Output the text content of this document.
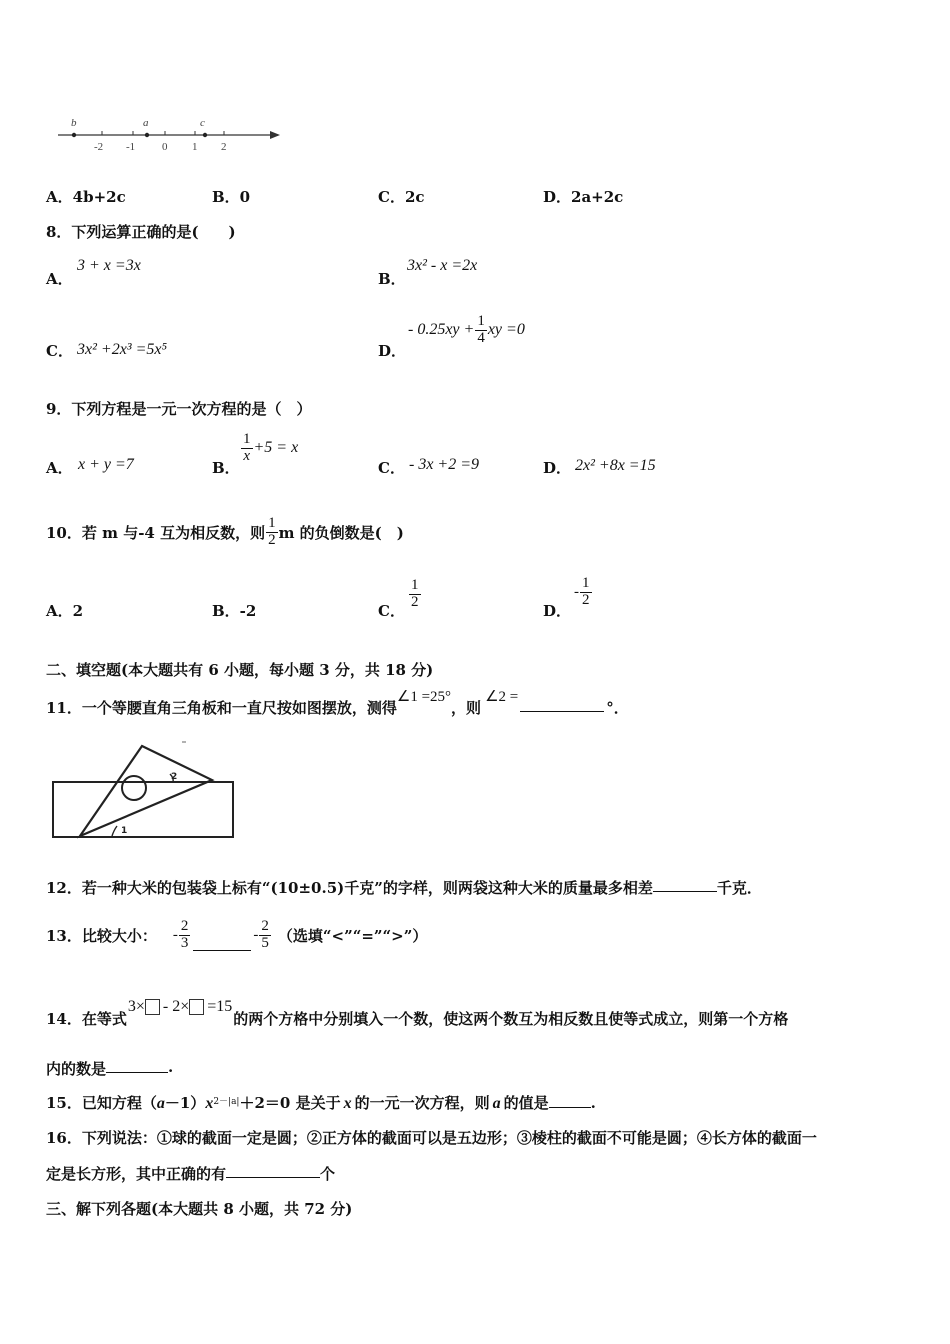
b	a	c
-2 -1 0 1 2
A．4b+2c	B．0	C．2c	D．2a+2c
8．下列运算正确的是(　　)
A．
3 + x =3x
B．
3x² - x =2x
C． 3x² +2x³ =5x⁵	D．
- $0.25xy + \frac{1}{4}$ xy =0
9．下列方程是一元一次方程的是（　）
A． x + y =7	B．
$\frac{1}{x} +5 = x$
C． - 3x +2 =9	D． 2x² +8x =15
10．若 m 与-4 互为相反数，则 $\frac{1}{2}$ m 的负倒数是(　)
A．2	B．-2	C．
$\frac{1}{2}$
D．
- $\frac{1}{2}$
二、填空题(本大题共有 6 小题，每小题 3 分，共 18 分)
11．一个等腰直角三角板和一直尺按如图摆放，测得
∠1 =25°
，则
∠2 =
°．
2
1
12．若一种大米的包装袋上标有“(10±0.5)千克”的字样，则两袋这种大米的质量最多相差	千克．
13．比较大小： - $\frac{2}{3}$	- $\frac{2}{5}$ （选填“<”“=”“>”）
14．在等式
3× - 2× =15
的两个方格中分别填入一个数，使这两个数互为相反数且使等式成立，则第一个方格
内的数是	.
15．已知方程（ a －1） $x^{2-|a|} +2=0$ 是关于 x 的一元一次方程，则 a 的值是	.
16．下列说法：①球的截面一定是圆；②正方体的截面可以是五边形；③棱柱的截面不可能是圆；④长方体的截面一
定是长方形，其中正确的有	个
三、解下列各题(本大题共 8 小题，共 72 分)
